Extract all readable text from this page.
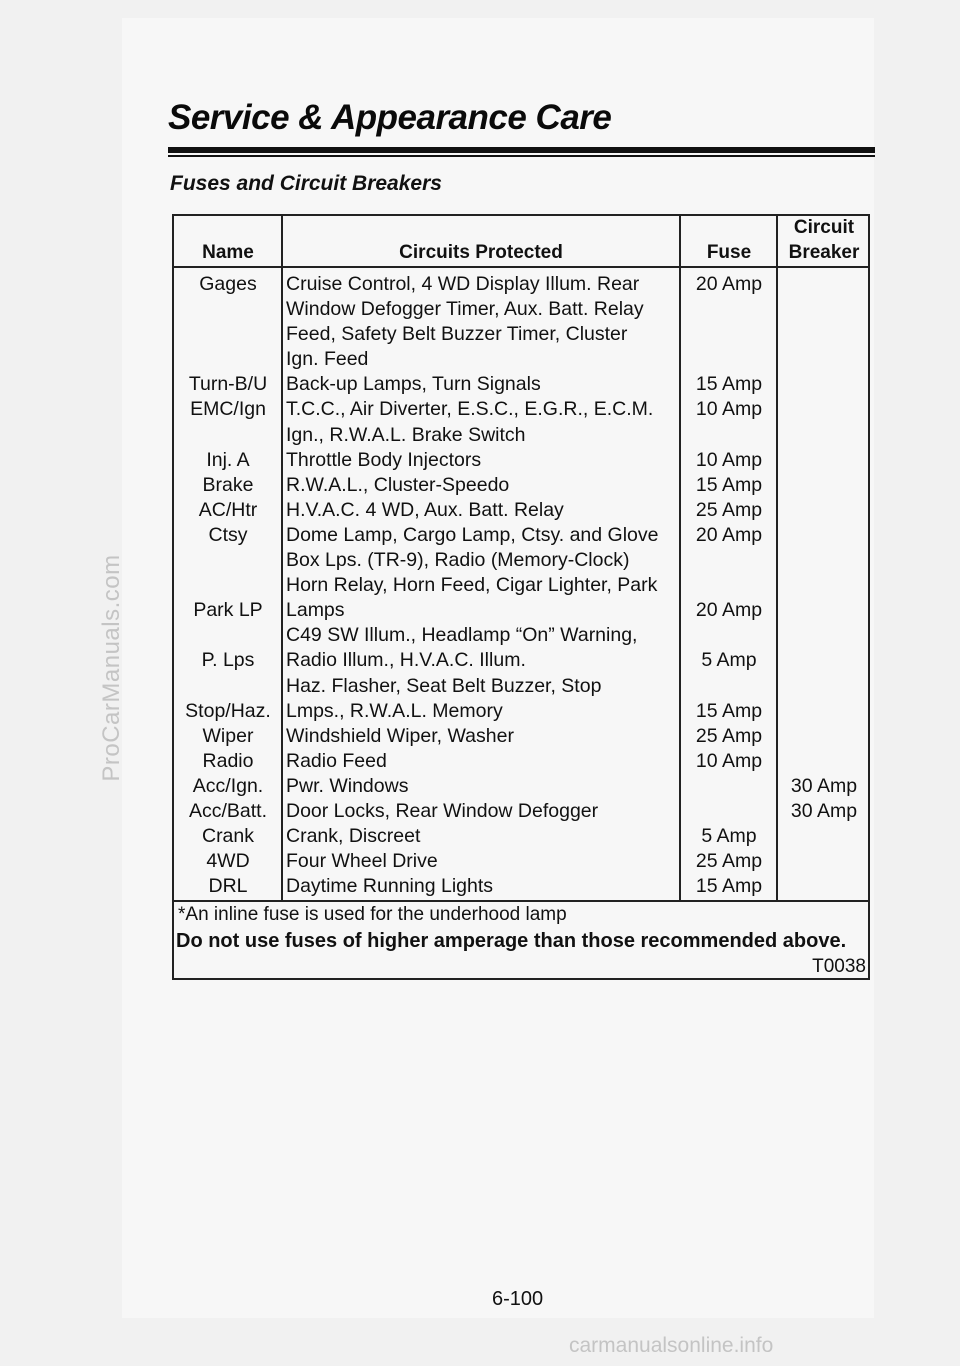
Service & Appearance Care
Fuses and Circuit Breakers
Name	Circuits Protected	Fuse
Circuit
Breaker
Gages
Turn-B/U
EMC/Ign
Inj. A
Brake
AC/Htr
Ctsy
Park LP
P. Lps
Stop/Haz.
Wiper
Radio
Acc/Ign.
Acc/Batt.
Crank
4WD
DRL
Cruise Control, 4 WD Display Illum. Rear
Window Defogger Timer, Aux. Batt. Relay
Feed, Safety Belt Buzzer Timer, Cluster
Ign. Feed
Back-up Lamps, Turn Signals
T.C.C., Air Diverter, E.S.C., E.G.R., E.C.M.
Ign., R.W.A.L. Brake Switch
Throttle Body Injectors
R.W.A.L., Cluster-Speedo
H.V.A.C. 4 WD, Aux. Batt. Relay
Dome Lamp, Cargo Lamp, Ctsy. and Glove
Box Lps. (TR-9), Radio (Memory-Clock)
Horn Relay, Horn Feed, Cigar Lighter, Park
Lamps
C49 SW Illum., Headlamp “On” Warning,
Radio Illum., H.V.A.C. Illum.
Haz. Flasher, Seat Belt Buzzer, Stop
Lmps., R.W.A.L. Memory
Windshield Wiper, Washer
Radio Feed
Pwr. Windows
Door Locks, Rear Window Defogger
Crank, Discreet
Four Wheel Drive
Daytime Running Lights
20 Amp
15 Amp
10 Amp
10 Amp
15 Amp
25 Amp
20 Amp
20 Amp
5 Amp
15 Amp
25 Amp
10 Amp
5 Amp
25 Amp
15 Amp
30 Amp
30 Amp
*An inline fuse is used for the underhood lamp
Do not use fuses of higher amperage than those recommended above.
T0038
6-100
ProCarManuals.com
carmanualsonline.info
